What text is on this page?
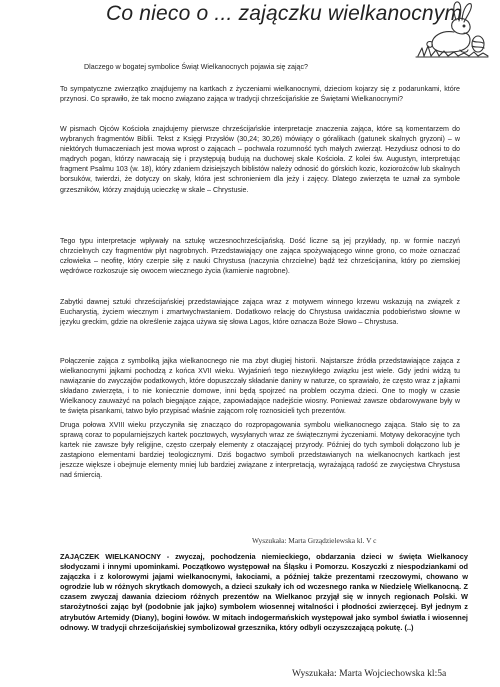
Co nieco o ... zajączku wielkanocnym
Dlaczego w bogatej symbolice Świąt Wielkanocnych pojawia się zając?
To sympatyczne zwierzątko znajdujemy na kartkach z życzeniami wielkanocnymi, dzieciom kojarzy się z podarunkami, które przynosi. Co sprawiło, że tak mocno związano zająca w tradycji chrześcijańskie ze Świętami Wielkanocnymi?
W pismach Ojców Kościoła znajdujemy pierwsze chrześcijańskie interpretacje znaczenia zająca, które są komentarzem do wybranych fragmentów Biblii. Tekst z Księgi Przysłów (30,24; 30,26) mówiący o góralikach (gatunek skalnych gryzoni) – w niektórych tłumaczeniach jest mowa wprost o zającach – pochwala rozumność tych małych zwierząt. Hezydiusz odnosi to do mądrych pogan, którzy nawracają się i przystępują budują na duchowej skale Kościoła. Z kolei św. Augustyn, interpretując fragment Psalmu 103 (w. 18), który zdaniem dzisiejszych biblistów należy odnosić do górskich kozic, koziorożców lub skalnych borsuków, twierdzi, że dotyczy on skały, która jest schronieniem dla jeży i zajęcy. Dlatego zwierzęta te uznał za symbole grzeszników, którzy znajdują ucieczkę w skale – Chrystusie.
Tego typu interpretacje wpływały na sztukę wczesnochrześcijańską. Dość liczne są jej przykłady, np. w formie naczyń chrzcielnych czy fragmentów płyt nagrobnych. Przedstawiający one zająca spożywającego winne grono, co może oznaczać człowieka – neofitę, który czerpie siłę z nauki Chrystusa (naczynia chrzcielne) bądź też chrześcijanina, który po ziemskiej wędrówce rozkoszuje się owocem wiecznego życia (kamienie nagrobne).
Zabytki dawnej sztuki chrześcijańskiej przedstawiające zająca wraz z motywem winnego krzewu wskazują na związek z Eucharystią, życiem wiecznym i zmartwychwstaniem. Dodatkowo relację do Chrystusa uwidacznia podobieństwo słowne w języku greckim, gdzie na określenie zająca używa się słowa Lagos, które oznacza Boże Słowo – Chrystusa.
Połączenie zająca z symboliką jajka wielkanocnego nie ma zbyt długiej historii. Najstarsze źródła przedstawiające zająca z wielkanocnymi jajkami pochodzą z końca XVII wieku. Wyjaśnień tego niezwykłego związku jest wiele. Gdy jedni widzą tu nawiązanie do zwyczajów podatkowych, które dopuszczały składanie daniny w naturze, co sprawiało, że często wraz z jajkami składano zwierzęta, i to nie koniecznie domowe, inni będą spojrzeć na problem oczyma dzieci. One to mogły w czasie Wielkanocy zauważyć na polach biegające zające, zapowiadające nadejście wiosny. Ponieważ zawsze obdarowywane były w te święta pisankami, tatwo było przypisać właśnie zającom rolę roznosicieli tych prezentów.
Druga połowa XVIII wieku przyczyniła się znacząco do rozpropagowania symbolu wielkanocnego zająca. Stało się to za sprawą coraz to popularniejszych kartek pocztowych, wysyłanych wraz ze świątecznymi życzeniami. Motywy dekoracyjne tych kartek nie zawsze były religijne, często czerpały elementy z otaczającej przyrody. Później do tych symboli dołączono lub je zastąpiono elementami bardziej teologicznymi. Dziś bogactwo symboli przedstawianych na wielkanocnych kartkach jest jeszcze większe i obejmuje elementy mniej lub bardziej związane z interpretacją, wyrażającą radość ze zwycięstwa Chrystusa nad śmiercią.
Wyszukała: Marta Grządzielewska kl. V c
ZAJĄCZEK WIELKANOCNY - zwyczaj, pochodzenia niemieckiego, obdarzania dzieci w święta Wielkanocy słodyczami i innymi upominkami. Początkowo występował na Śląsku i Pomorzu. Koszyczki z niespodziankami od zajączka i z kolorowymi jajami wielkanocnymi, łakociami, a później także prezentami rzeczowymi, chowano w ogrodzie lub w różnych skrytkach domowych, a dzieci szukały ich od wczesnego ranka w Niedzielę Wielkanocną. Z czasem zwyczaj dawania dzieciom różnych prezentów na Wielkanoc przyjął się w innych regionach Polski. W starożytności zając był (podobnie jak jajko) symbolem wiosennej witalności i płodności zwierzęcej. Był jednym z atrybutów Artemidy (Diany), bogini łowów. W mitach indogermańskich występował jako symbol światła i wiosennej odnowy. W tradycji chrześcijańskiej symbolizował grzesznika, który odbyli oczyszczającą pokutę. (..)
Wyszukała: Marta Wojciechowska kl:5a
